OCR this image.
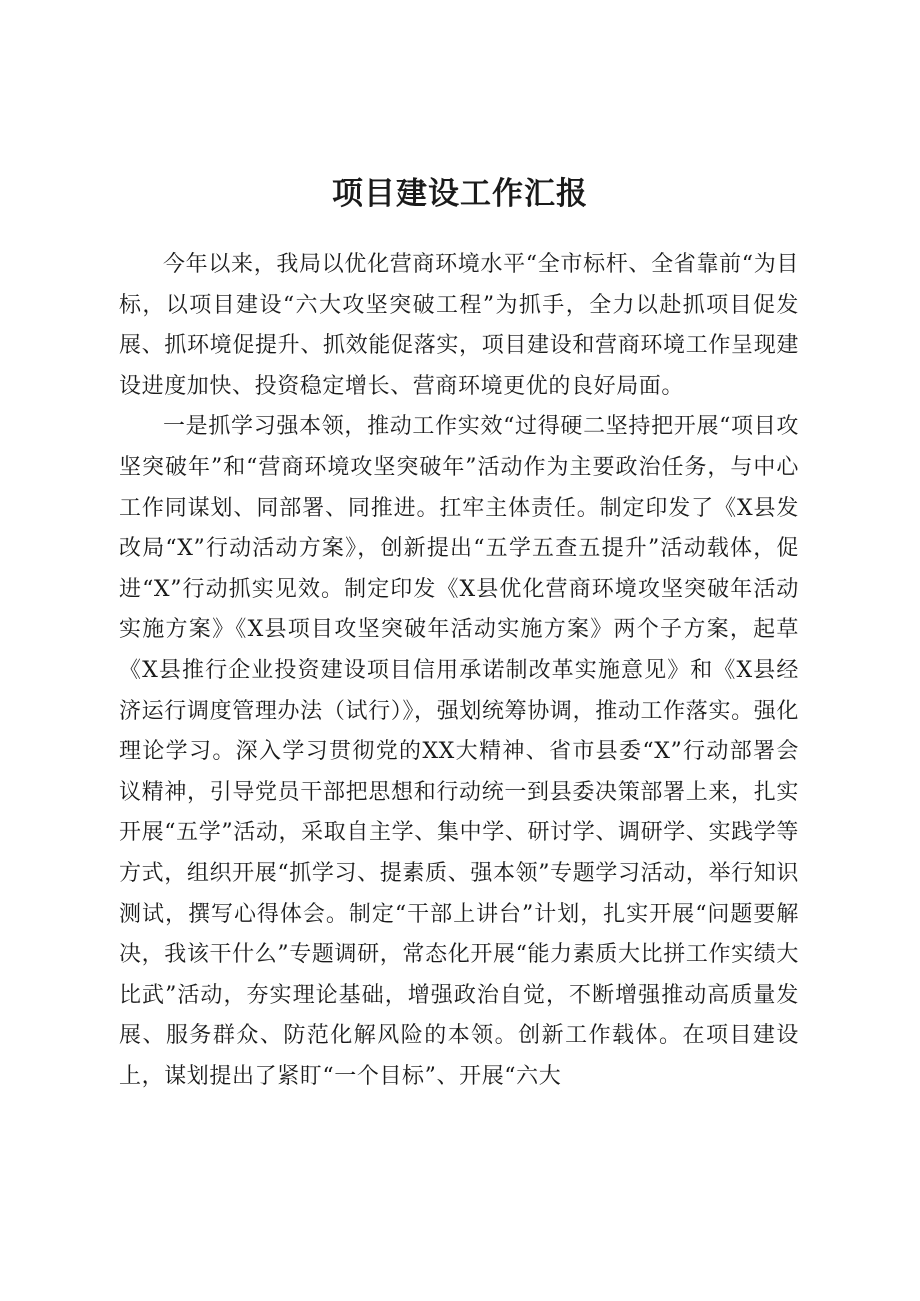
项目建设工作汇报

今年以来，我局以优化营商环境水平“全市标杆、全省靠前“为目标，以项目建设“六大攻坚突破工程”为抓手，全力以赴抓项目促发展、抓环境促提升、抓效能促落实，项目建设和营商环境工作呈现建设进度加快、投资稳定增长、营商环境更优的良好局面。

一是抓学习强本领，推动工作实效“过得硬二坚持把开展“项目攻坚突破年”和“营商环境攻坚突破年”活动作为主要政治任务，与中心工作同谋划、同部署、同推进。扛牢主体责任。制定印发了《X县发改局“X”行动活动方案》，创新提出“五学五查五提升”活动载体，促进“X”行动抓实见效。制定印发《X县优化营商环境攻坚突破年活动实施方案》《X县项目攻坚突破年活动实施方案》两个子方案，起草《X县推行企业投资建设项目信用承诺制改革实施意见》和《X县经济运行调度管理办法（试行）》，强划统筹协调，推动工作落实。强化理论学习。深入学习贯彻党的XX大精神、省市县委“X”行动部署会议精神，引导党员干部把思想和行动统一到县委决策部署上来，扎实开展“五学”活动，采取自主学、集中学、研讨学、调研学、实践学等方式，组织开展“抓学习、提素质、强本领”专题学习活动，举行知识测试，撰写心得体会。制定“干部上讲台”计划，扎实开展“问题要解决，我该干什么”专题调研，常态化开展“能力素质大比拼工作实绩大比武”活动，夯实理论基础，增强政治自觉，不断增强推动高质量发展、服务群众、防范化解风险的本领。创新工作载体。在项目建设上，谋划提出了紧盯“一个目标”、开展“六大
